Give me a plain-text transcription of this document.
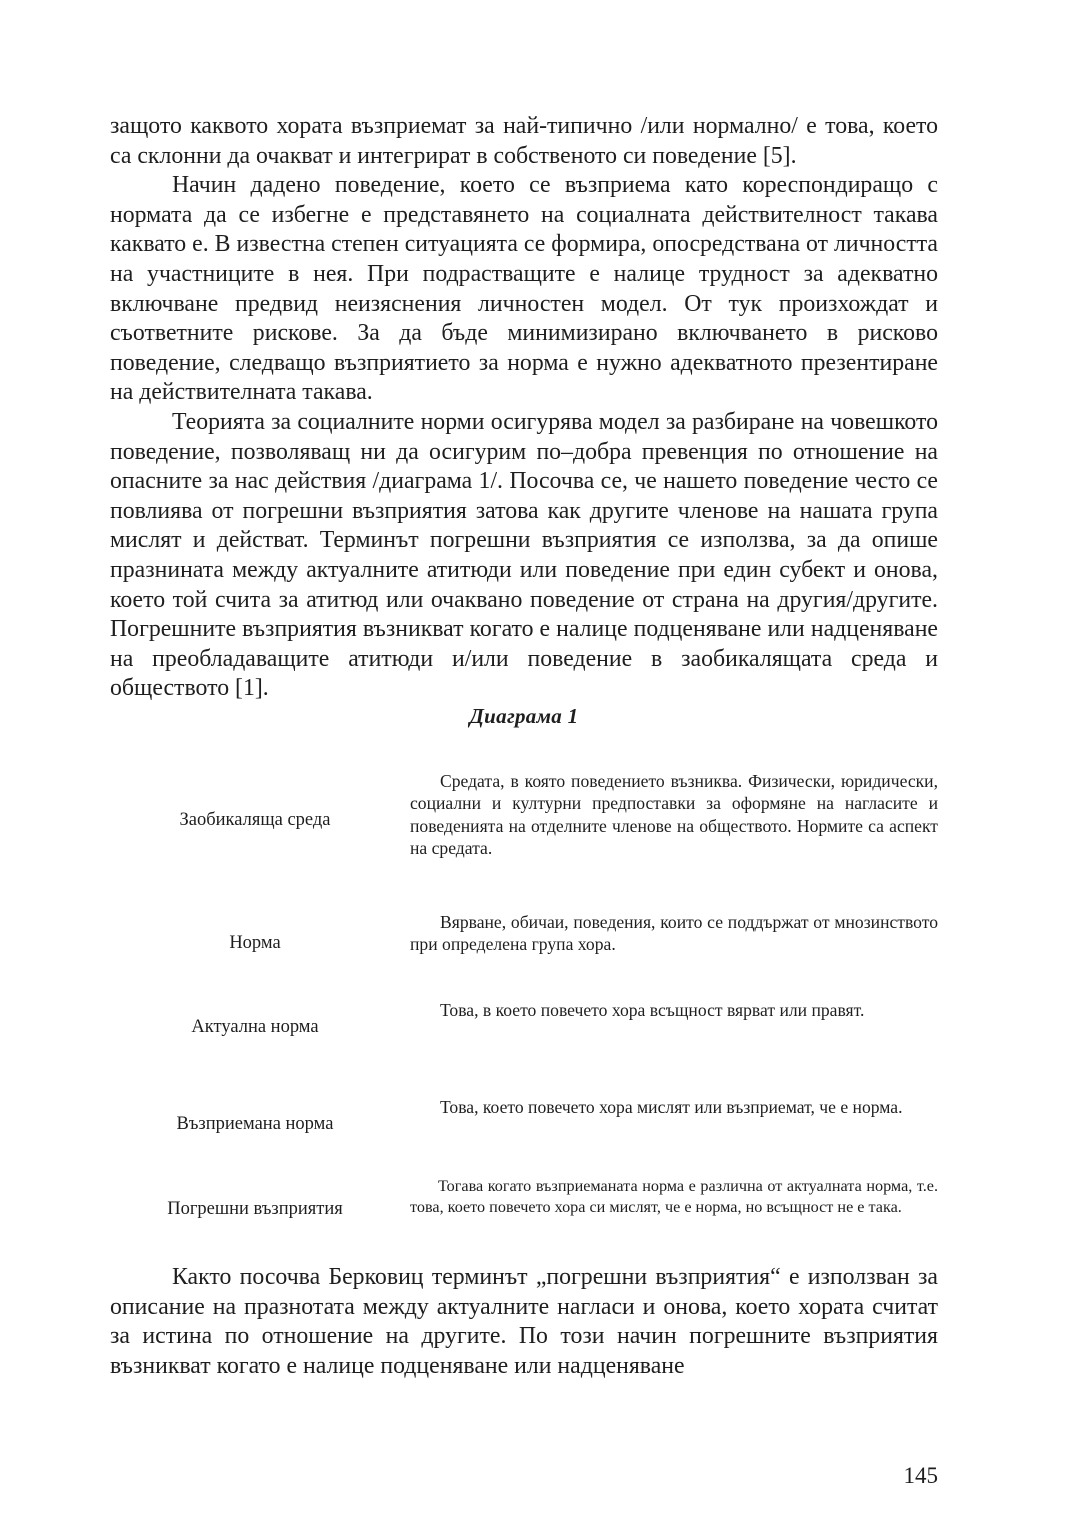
защото каквото хората възприемат за най-типично /или нормално/ е това, което са склонни да очакват и интегрират в собственото си поведение [5].

Начин дадено поведение, което се възприема като кореспондиращо с нормата да се избегне е представянето на социалната действителност такава каквато е. В известна степен ситуацията се формира, опосредствана от личността на участниците в нея. При подрастващите е налице трудност за адекватно включване предвид неизяснения личностен модел. От тук произхождат и съответните рискове. За да бъде минимизирано включването в рисково поведение, следващо възприятието за норма е нужно адекватното презентиране на действителната такава.

Теорията за социалните норми осигурява модел за разбиране на човешкото поведение, позволяващ ни да осигурим по–добра превенция по отношение на опасните за нас действия /диаграма 1/. Посочва се, че нашето поведение често се повлиява от погрешни възприятия затова как другите членове на нашата група мислят и действат. Терминът погрешни възприятия се използва, за да опише празнината между актуалните атитюди или поведение при един субект и онова, което той счита за атитюд или очаквано поведение от страна на другия/другите. Погрешните възприятия възникват когато е налице подценяване или надценяване на преобладаващите атитюди и/или поведение в заобикалящата среда и обществото [1].

Диаграма 1
Заобикаляща среда

Средата, в която поведението възниква. Физически, юридически, социални и културни предпоставки за оформяне на нагласите и поведенията на отделните членове на обществото. Нормите са аспект на средата.

Норма

Вярване, обичаи, поведения, които се поддържат от мнозинството при определена група хора.

Актуална норма

Това, в което повечето хора всъщност вярват или правят.

Възприемана норма

Това, което повечето хора мислят или възприемат, че е норма.

Погрешни възприятия

Тогава когато възприеманата норма е различна от актуалната норма, т.е. това, което повечето хора си мислят, че е норма, но всъщност не е така.

Както посочва Берковиц терминът „погрешни възприятия“ е използван за описание на празнотата между актуалните нагласи и онова, което хората считат за истина по отношение на другите. По този начин погрешните възприятия възникват когато е налице подценяване или надценяване

145
